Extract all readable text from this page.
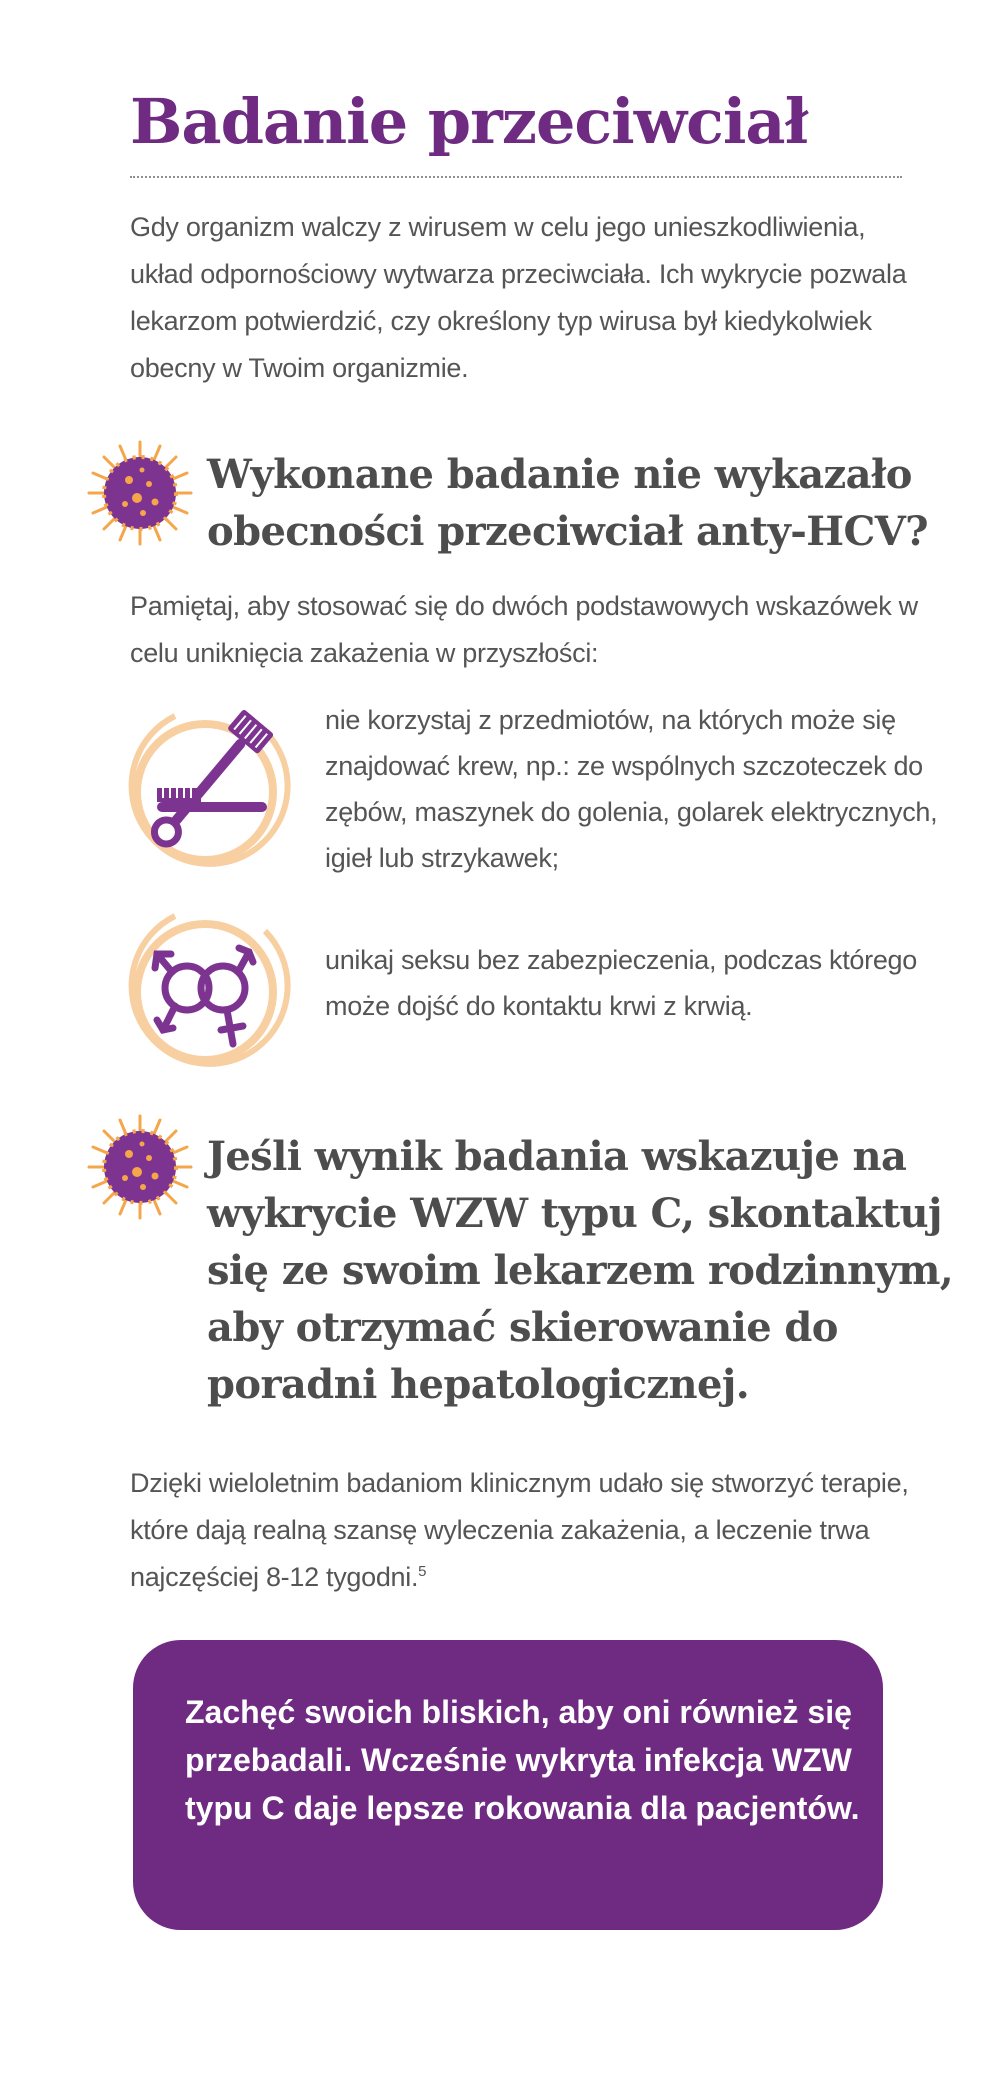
Badanie przeciwciał

Gdy organizm walczy z wirusem w celu jego unieszkodliwienia, układ odpornościowy wytwarza przeciwciała. Ich wykrycie pozwala lekarzom potwierdzić, czy określony typ wirusa był kiedykolwiek obecny w Twoim organizmie.

Wykonane badanie nie wykazało obecności przeciwciał anty-HCV?

Pamiętaj, aby stosować się do dwóch podstawowych wskazówek w celu uniknięcia zakażenia w przyszłości:

nie korzystaj z przedmiotów, na których może się znajdować krew, np.: ze wspólnych szczoteczek do zębów, maszynek do golenia, golarek elektrycznych, igieł lub strzykawek;

unikaj seksu bez zabezpieczenia, podczas którego może dojść do kontaktu krwi z krwią.

Jeśli wynik badania wskazuje na wykrycie WZW typu C, skontaktuj się ze swoim lekarzem rodzinnym, aby otrzymać skierowanie do poradni hepatologicznej.

Dzięki wieloletnim badaniom klinicznym udało się stworzyć terapie, które dają realną szansę wyleczenia zakażenia, a leczenie trwa najczęściej 8-12 tygodni.$^5$

Zachęć swoich bliskich, aby oni również się przebadali. Wcześnie wykryta infekcja WZW typu C daje lepsze rokowania dla pacjentów.
